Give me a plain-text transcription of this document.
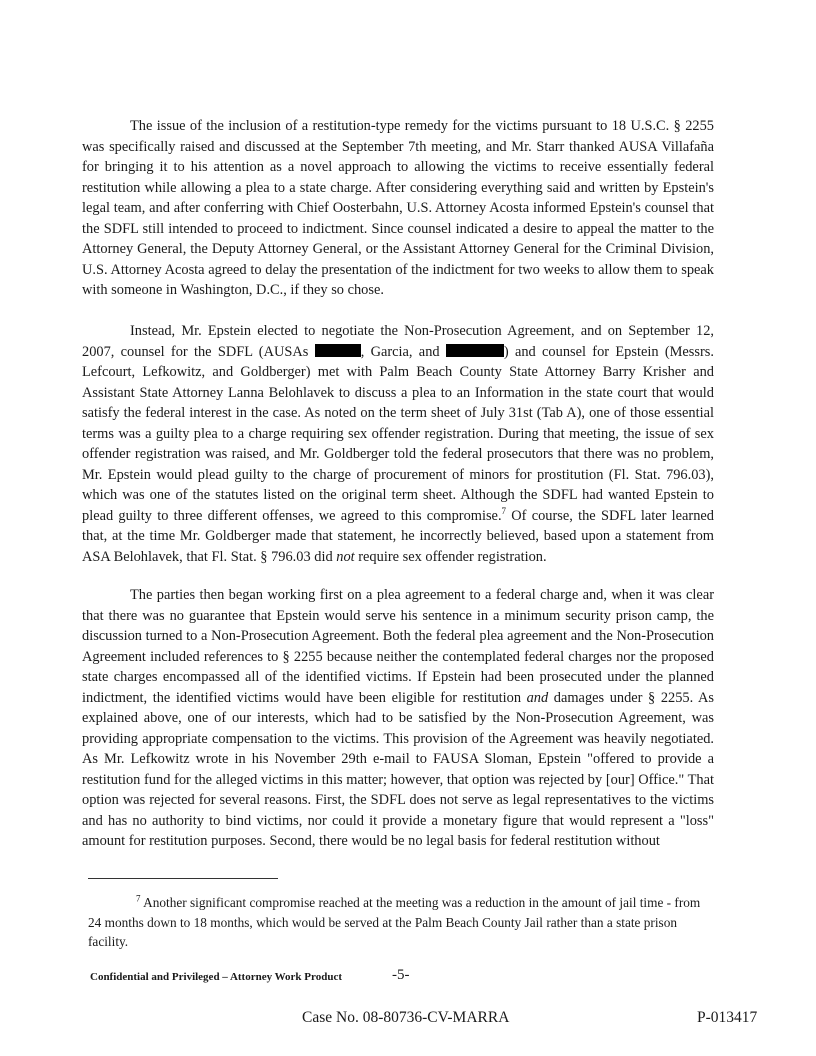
The issue of the inclusion of a restitution-type remedy for the victims pursuant to 18 U.S.C. § 2255 was specifically raised and discussed at the September 7th meeting, and Mr. Starr thanked AUSA Villafaña for bringing it to his attention as a novel approach to allowing the victims to receive essentially federal restitution while allowing a plea to a state charge. After considering everything said and written by Epstein's legal team, and after conferring with Chief Oosterbahn, U.S. Attorney Acosta informed Epstein's counsel that the SDFL still intended to proceed to indictment. Since counsel indicated a desire to appeal the matter to the Attorney General, the Deputy Attorney General, or the Assistant Attorney General for the Criminal Division, U.S. Attorney Acosta agreed to delay the presentation of the indictment for two weeks to allow them to speak with someone in Washington, D.C., if they so chose.

Instead, Mr. Epstein elected to negotiate the Non-Prosecution Agreement, and on September 12, 2007, counsel for the SDFL (AUSAs	, Garcia, and	) and counsel for Epstein (Messrs. Lefcourt, Lefkowitz, and Goldberger) met with Palm Beach County State Attorney Barry Krisher and Assistant State Attorney Lanna Belohlavek to discuss a plea to an Information in the state court that would satisfy the federal interest in the case. As noted on the term sheet of July 31st (Tab A), one of those essential terms was a guilty plea to a charge requiring sex offender registration. During that meeting, the issue of sex offender registration was raised, and Mr. Goldberger told the federal prosecutors that there was no problem, Mr. Epstein would plead guilty to the charge of procurement of minors for prostitution (Fl. Stat. 796.03), which was one of the statutes listed on the original term sheet. Although the SDFL had wanted Epstein to plead guilty to three different offenses, we agreed to this compromise.$^7$ Of course, the SDFL later learned that, at the time Mr. Goldberger made that statement, he incorrectly believed, based upon a statement from ASA Belohlavek, that Fl. Stat. § 796.03 did not require sex offender registration.

The parties then began working first on a plea agreement to a federal charge and, when it was clear that there was no guarantee that Epstein would serve his sentence in a minimum security prison camp, the discussion turned to a Non-Prosecution Agreement. Both the federal plea agreement and the Non-Prosecution Agreement included references to § 2255 because neither the contemplated federal charges nor the proposed state charges encompassed all of the identified victims. If Epstein had been prosecuted under the planned indictment, the identified victims would have been eligible for restitution and damages under § 2255. As explained above, one of our interests, which had to be satisfied by the Non-Prosecution Agreement, was providing appropriate compensation to the victims. This provision of the Agreement was heavily negotiated. As Mr. Lefkowitz wrote in his November 29th e-mail to FAUSA Sloman, Epstein "offered to provide a restitution fund for the alleged victims in this matter; however, that option was rejected by [our] Office." That option was rejected for several reasons. First, the SDFL does not serve as legal representatives to the victims and has no authority to bind victims, nor could it provide a monetary figure that would represent a "loss" amount for restitution purposes. Second, there would be no legal basis for federal restitution without

$^7$ Another significant compromise reached at the meeting was a reduction in the amount of jail time - from 24 months down to 18 months, which would be served at the Palm Beach County Jail rather than a state prison facility.

Confidential and Privileged – Attorney Work Product	-5-
Case No. 08-80736-CV-MARRA	P-013417
